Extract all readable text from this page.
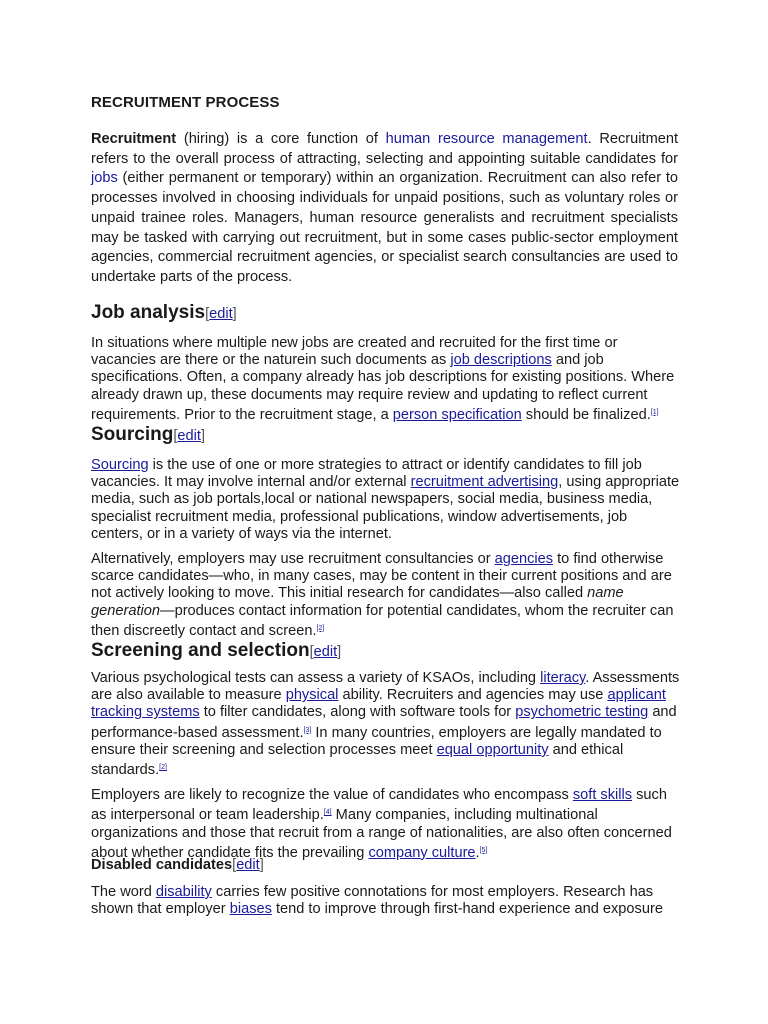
RECRUITMENT PROCESS

Recruitment (hiring) is a core function of human resource management. Recruitment refers to the overall process of attracting, selecting and appointing suitable candidates for jobs (either permanent or temporary) within an organization. Recruitment can also refer to processes involved in choosing individuals for unpaid positions, such as voluntary roles or unpaid trainee roles. Managers, human resource generalists and recruitment specialists may be tasked with carrying out recruitment, but in some cases public-sector employment agencies, commercial recruitment agencies, or specialist search consultancies are used to undertake parts of the process.

Job analysis[edit]

In situations where multiple new jobs are created and recruited for the first time or vacancies are there or the naturein such documents as job descriptions and job specifications. Often, a company already has job descriptions for existing positions. Where already drawn up, these documents may require review and updating to reflect current requirements. Prior to the recruitment stage, a person specification should be finalized.[1]

Sourcing[edit]

Sourcing is the use of one or more strategies to attract or identify candidates to fill job vacancies. It may involve internal and/or external recruitment advertising, using appropriate media, such as job portals,local or national newspapers, social media, business media, specialist recruitment media, professional publications, window advertisements, job centers, or in a variety of ways via the internet.

Alternatively, employers may use recruitment consultancies or agencies to find otherwise scarce candidates—who, in many cases, may be content in their current positions and are not actively looking to move. This initial research for candidates—also called name generation—produces contact information for potential candidates, whom the recruiter can then discreetly contact and screen.[2]

Screening and selection[edit]

Various psychological tests can assess a variety of KSAOs, including literacy. Assessments are also available to measure physical ability. Recruiters and agencies may use applicant tracking systems to filter candidates, along with software tools for psychometric testing and performance-based assessment.[3] In many countries, employers are legally mandated to ensure their screening and selection processes meet equal opportunity and ethical standards.[2]

Employers are likely to recognize the value of candidates who encompass soft skills such as interpersonal or team leadership.[4] Many companies, including multinational organizations and those that recruit from a range of nationalities, are also often concerned about whether candidate fits the prevailing company culture.[5]

Disabled candidates[edit]

The word disability carries few positive connotations for most employers. Research has shown that employer biases tend to improve through first-hand experience and exposure
